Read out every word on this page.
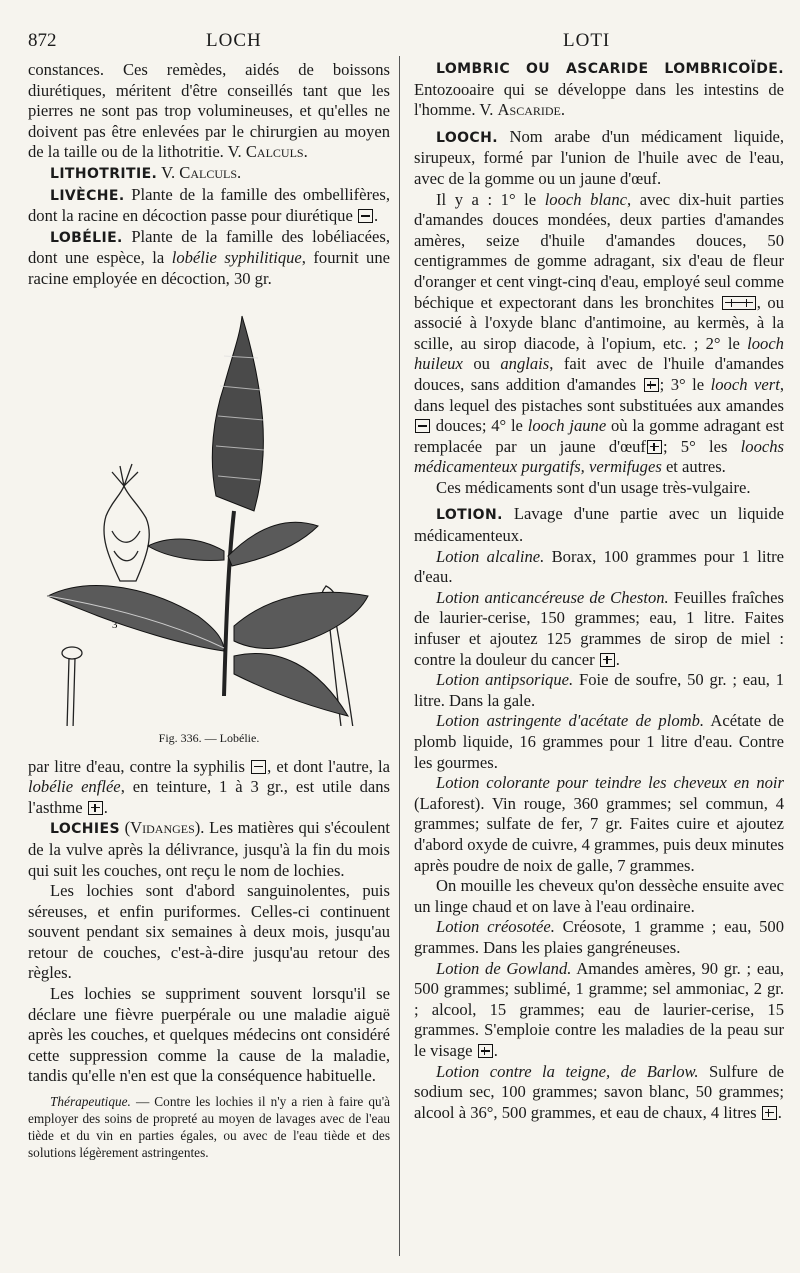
872	LOCH	LOTI

constances. Ces remèdes, aidés de boissons diurétiques, méritent d'être conseillés tant que les pierres ne sont pas trop volumineuses, et qu'elles ne doivent pas être enlevées par le chirurgien au moyen de la taille ou de la lithotritie. V. Calculs.

LITHOTRITIE. V. Calculs.

LIVÈCHE. Plante de la famille des ombellifères, dont la racine en décoction passe pour diurétique .

LOBÉLIE. Plante de la famille des lobéliacées, dont une espèce, la lobélie syphilitique, fournit une racine employée en décoction, 30 gr.

3
Fig. 336. — Lobélie.

par litre d'eau, contre la syphilis , et dont l'autre, la lobélie enflée, en teinture, 1 à 3 gr., est utile dans l'asthme .

LOCHIES (Vidanges). Les matières qui s'écoulent de la vulve après la délivrance, jusqu'à la fin du mois qui suit les couches, ont reçu le nom de lochies.

Les lochies sont d'abord sanguinolentes, puis séreuses, et enfin puriformes. Celles-ci continuent souvent pendant six semaines à deux mois, jusqu'au retour de couches, c'est-à-dire jusqu'au retour des règles.

Les lochies se suppriment souvent lorsqu'il se déclare une fièvre puerpérale ou une maladie aiguë après les couches, et quelques médecins ont considéré cette suppression comme la cause de la maladie, tandis qu'elle n'en est que la conséquence habituelle.

Thérapeutique. — Contre les lochies il n'y a rien à faire qu'à employer des soins de propreté au moyen de lavages avec de l'eau tiède et du vin en parties égales, ou avec de l'eau tiède et des solutions légèrement astringentes.

LOMBRIC OU ASCARIDE LOMBRICOÏDE. Entozooaire qui se développe dans les intestins de l'homme. V. Ascaride.

LOOCH. Nom arabe d'un médicament liquide, sirupeux, formé par l'union de l'huile avec de l'eau, avec de la gomme ou un jaune d'œuf.

Il y a : 1° le looch blanc, avec dix-huit parties d'amandes douces mondées, deux parties d'amandes amères, seize d'huile d'amandes douces, 50 centigrammes de gomme adragant, six d'eau de fleur d'oranger et cent vingt-cinq d'eau, employé seul comme béchique et expectorant dans les bronchites	, ou associé à l'oxyde blanc d'antimoine, au kermès, à la scille, au sirop diacode, à l'opium, etc. ; 2° le looch huileux ou anglais, fait avec de l'huile d'amandes douces, sans addition d'amandes ; 3° le looch vert, dans lequel des pistaches sont substituées aux amandes  douces; 4° le looch jaune où la gomme adragant est remplacée par un jaune d'œuf ; 5° les loochs médicamenteux purgatifs, vermifuges et autres.

Ces médicaments sont d'un usage très-vulgaire.

LOTION. Lavage d'une partie avec un liquide médicamenteux.

Lotion alcaline. Borax, 100 grammes pour 1 litre d'eau.

Lotion anticancéreuse de Cheston. Feuilles fraîches de laurier-cerise, 150 grammes; eau, 1 litre. Faites infuser et ajoutez 125 grammes de sirop de miel : contre la douleur du cancer .

Lotion antipsorique. Foie de soufre, 50 gr. ; eau, 1 litre. Dans la gale.

Lotion astringente d'acétate de plomb. Acétate de plomb liquide, 16 grammes pour 1 litre d'eau. Contre les gourmes.

Lotion colorante pour teindre les cheveux en noir (Laforest). Vin rouge, 360 grammes; sel commun, 4 grammes; sulfate de fer, 7 gr. Faites cuire et ajoutez d'abord oxyde de cuivre, 4 grammes, puis deux minutes après poudre de noix de galle, 7 grammes.

On mouille les cheveux qu'on dessèche ensuite avec un linge chaud et on lave à l'eau ordinaire.

Lotion créosotée. Créosote, 1 gramme ; eau, 500 grammes. Dans les plaies gangréneuses.

Lotion de Gowland. Amandes amères, 90 gr. ; eau, 500 grammes; sublimé, 1 gramme; sel ammoniac, 2 gr. ; alcool, 15 grammes; eau de laurier-cerise, 15 grammes. S'emploie contre les maladies de la peau sur le visage .

Lotion contre la teigne, de Barlow. Sulfure de sodium sec, 100 grammes; savon blanc, 50 grammes; alcool à 36°, 500 grammes, et eau de chaux, 4 litres .
